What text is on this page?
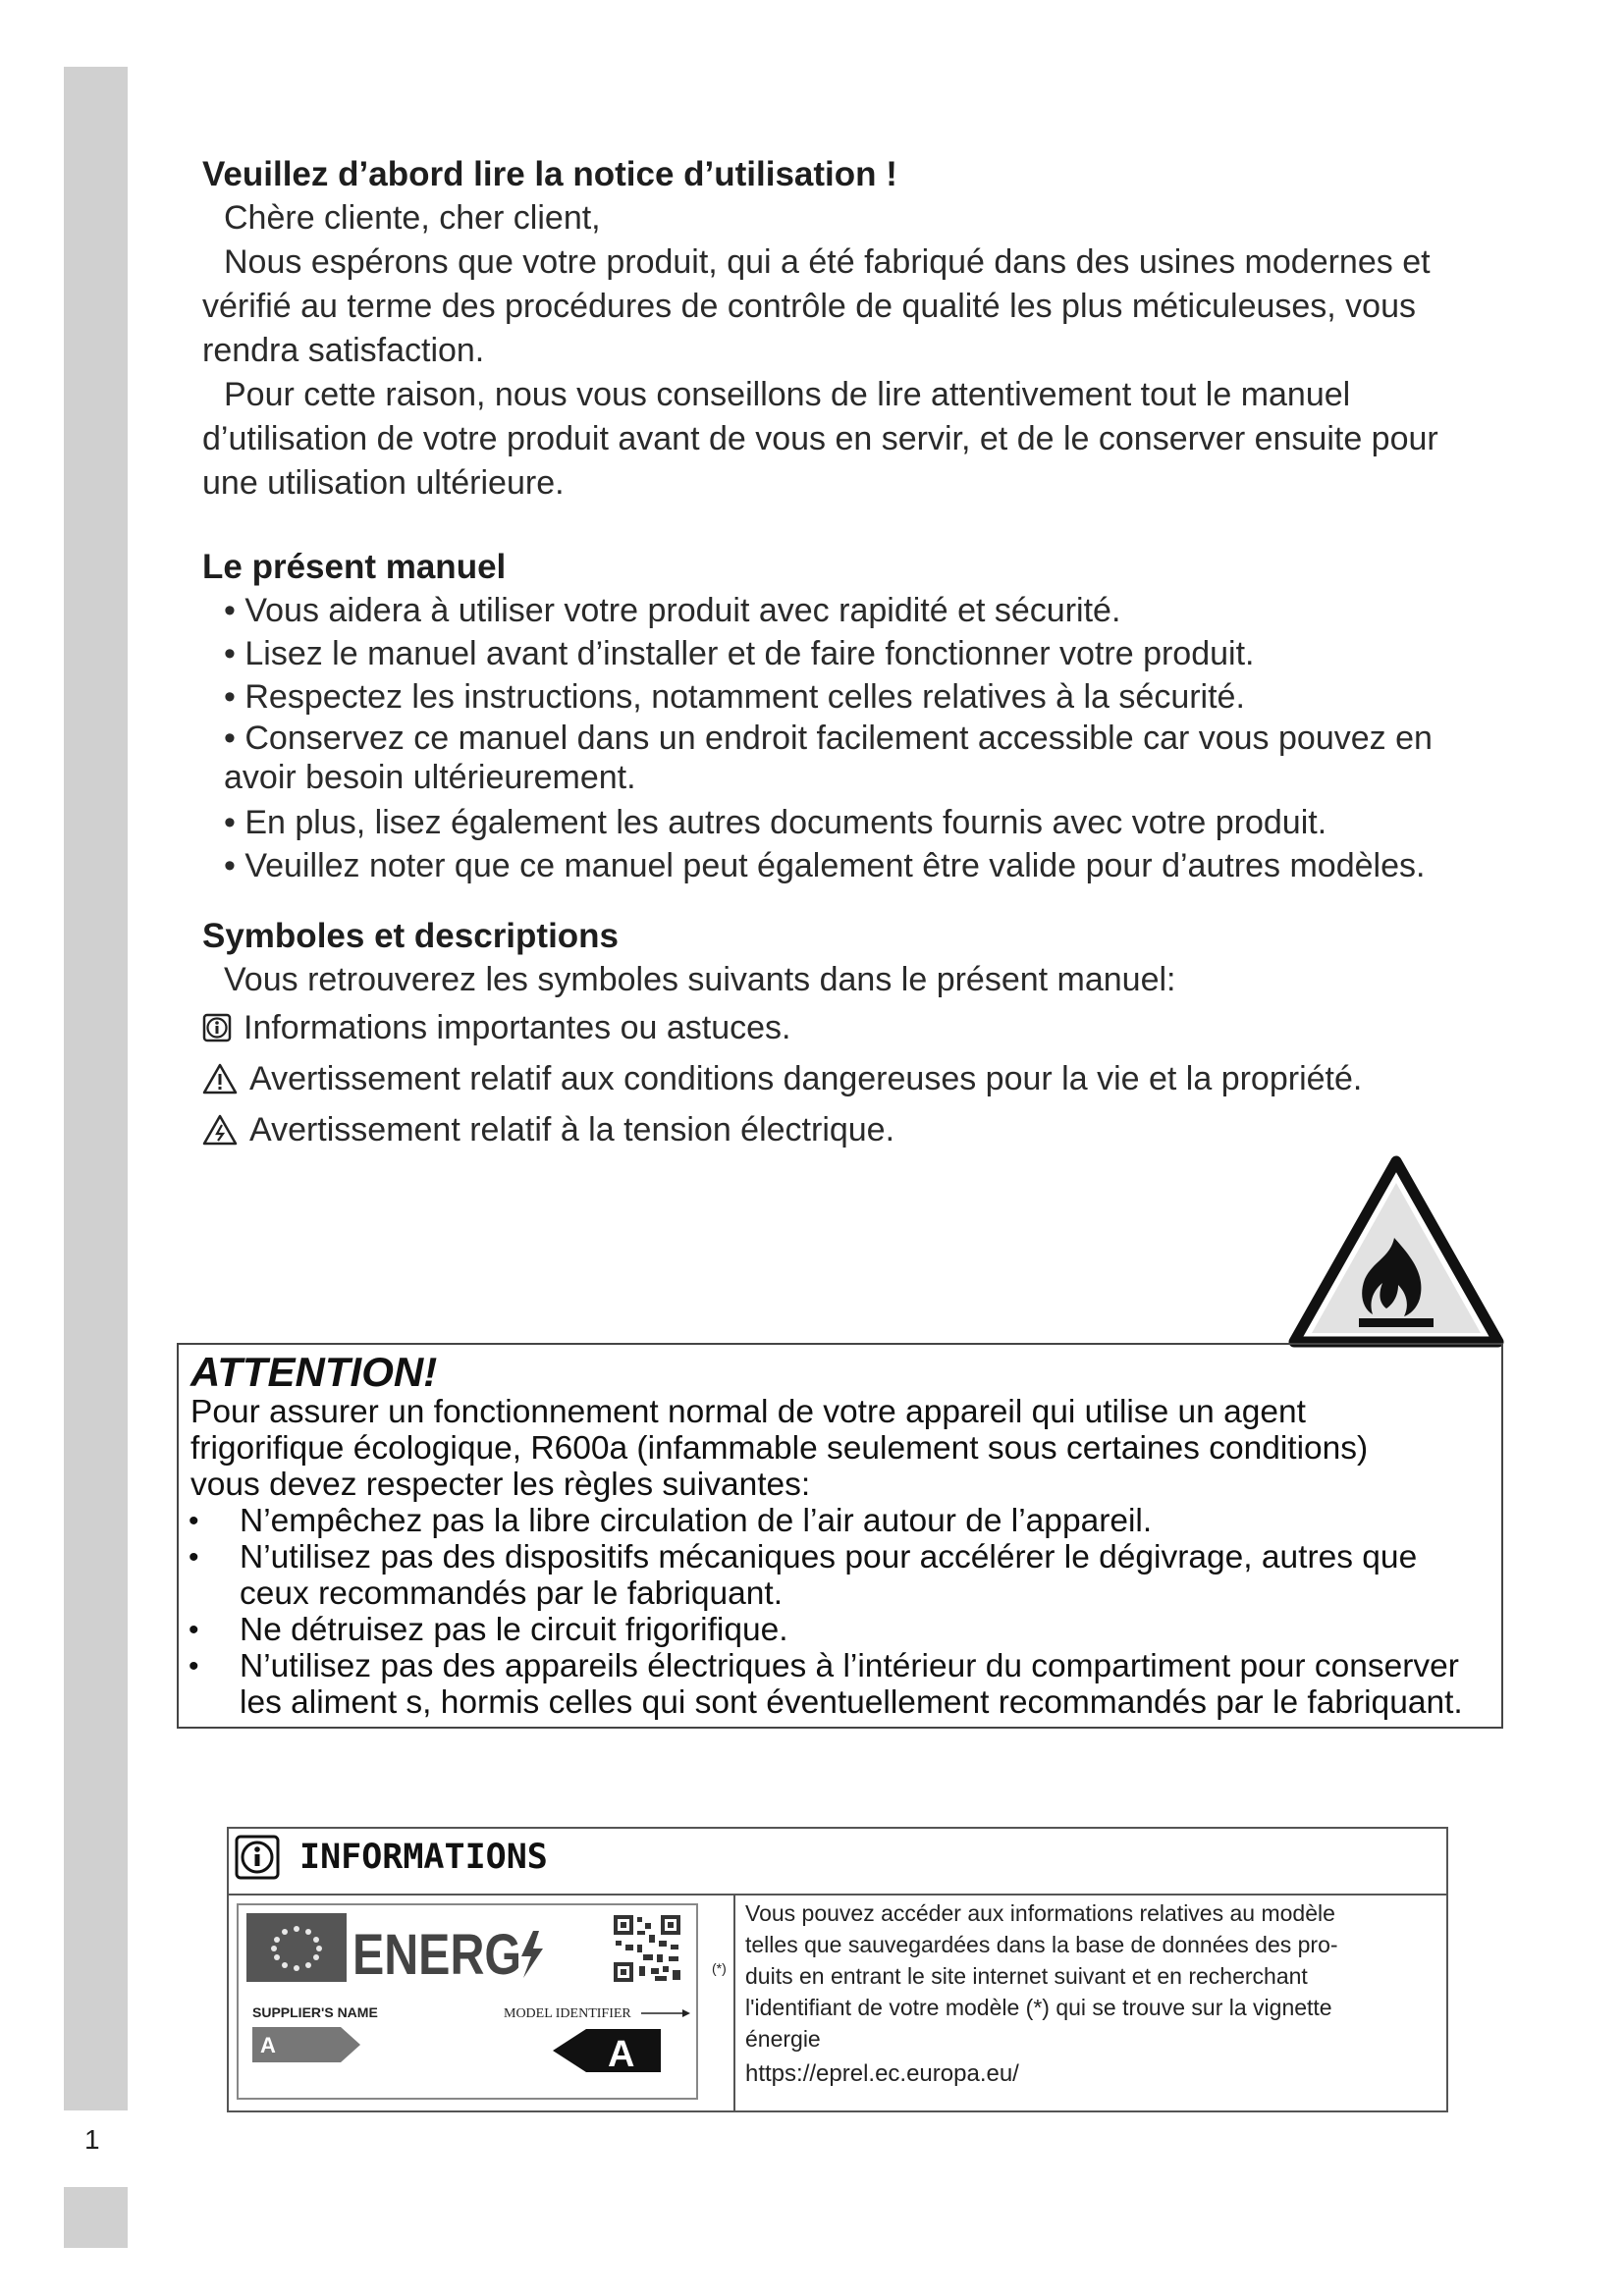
1
Veuillez d’abord lire la notice d’utilisation !

Chère cliente, cher client,

Nous espérons que votre produit, qui a été fabriqué dans des usines modernes et vérifié au terme des procédures de contrôle de qualité les plus méticuleuses, vous rendra satisfaction.

Pour cette raison, nous vous conseillons de lire attentivement tout le manuel d’utilisation de votre produit avant de vous en servir, et de le conserver ensuite pour une utilisation ultérieure.

Le présent manuel
• Vous aidera à utiliser votre produit avec rapidité et sécurité.
• Lisez le manuel avant d’installer et de faire fonctionner votre produit.
• Respectez les instructions, notamment celles relatives à la sécurité.
• Conservez ce manuel dans un endroit facilement accessible car vous pouvez en avoir besoin ultérieurement.
• En plus, lisez également les autres documents fournis avec votre produit.
• Veuillez noter que ce manuel peut également être valide pour d’autres modèles.
Symboles et descriptions

Vous retrouverez les symboles suivants dans le présent manuel:

Informations importantes ou astuces.
Avertissement relatif aux conditions dangereuses pour la vie et la propriété.
Avertissement relatif à la tension électrique.
ATTENTION!
Pour assurer un fonctionnement normal de votre appareil qui utilise un agent
frigorifique écologique, R600a (infammable seulement sous certaines conditions)
vous devez respecter les règles suivantes:
• N’empêchez pas la libre circulation de l’air autour de l’appareil.
• N’utilisez pas des dispositifs mécaniques pour accélérer le dégivrage, autres que
ceux recommandés par le fabriquant.
• Ne détruisez pas le circuit frigorifique.
• N’utilisez pas des appareils électriques à l’intérieur du compartiment pour conserver
les aliment s, hormis celles qui sont éventuellement recommandés par le fabriquant.
INFORMATIONS
ENERG
SUPPLIER'S NAME	MODEL IDENTIFIER
A	A
(*)

Vous pouvez accéder aux informations relatives au modèle

telles que sauvegardées dans la base de données des pro-

duits en entrant le site internet suivant et en recherchant

l'identifiant de votre modèle (*) qui se trouve sur la vignette

énergie

https://eprel.ec.europa.eu/
